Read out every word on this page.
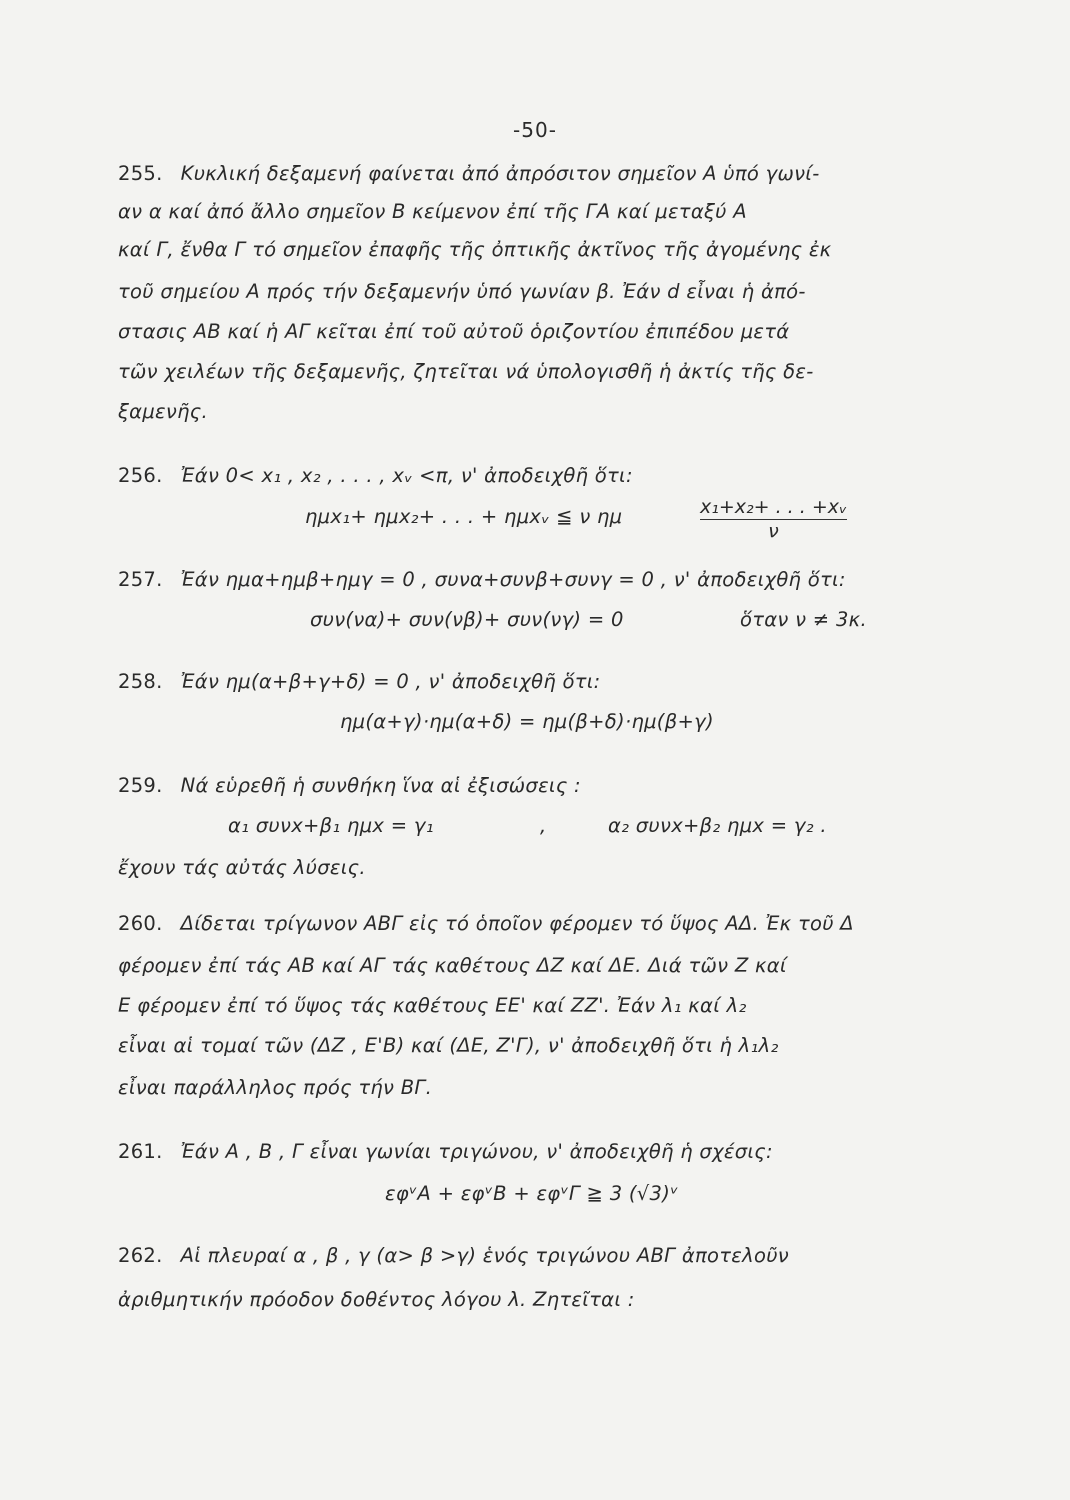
-50-
255. Κυκλική δεξαμενή φαίνεται ἀπό ἀπρόσιτον σημεῖον Α ὑπό γωνί-
αν α καί ἀπό ἄλλο σημεῖον Β κείμενον ἐπί τῆς ΓΑ καί μεταξύ Α
καί Γ, ἔνθα Γ τό σημεῖον ἐπαφῆς τῆς ὀπτικῆς ἀκτῖνος τῆς ἀγομένης ἐκ
τοῦ σημείου Α πρός τήν δεξαμενήν ὑπό γωνίαν β. Ἐάν d εἶναι ἡ ἀπό-
στασις ΑΒ καί ἡ ΑΓ κεῖται ἐπί τοῦ αὐτοῦ ὁριζοντίου ἐπιπέδου μετά
τῶν χειλέων τῆς δεξαμενῆς, ζητεῖται νά ὑπολογισθῆ ἡ ἀκτίς τῆς δε-
ξαμενῆς.
256. Ἐάν 0< x₁ , x₂ , . . . , xᵥ <π, ν' ἀποδειχθῆ ὅτι:
ημx₁+ ημx₂+ . . . + ημxᵥ ≦ ν ημ	x₁+x₂+ . . . +xᵥ
ν
257. Ἐάν ημα+ημβ+ημγ = 0 , συνα+συνβ+συνγ = 0 , ν' ἀποδειχθῆ ὅτι:
συν(να)+ συν(νβ)+ συν(νγ) = 0	ὅταν ν ≠ 3κ.
258. Ἐάν ημ(α+β+γ+δ) = 0 , ν' ἀποδειχθῆ ὅτι:
ημ(α+γ)·ημ(α+δ) = ημ(β+δ)·ημ(β+γ)
259. Νά εὑρεθῆ ἡ συνθήκη ἵνα αἱ ἐξισώσεις :
α₁ συνx+β₁ ημx = γ₁	,	α₂ συνx+β₂ ημx = γ₂ .
ἔχουν τάς αὐτάς λύσεις.
260. Δίδεται τρίγωνον ΑΒΓ εἰς τό ὁποῖον φέρομεν τό ὕψος ΑΔ. Ἐκ τοῦ Δ
φέρομεν ἐπί τάς ΑΒ καί ΑΓ τάς καθέτους ΔΖ καί ΔΕ. Διά τῶν Ζ καί
Ε φέρομεν ἐπί τό ὕψος τάς καθέτους ΕΕ' καί ΖΖ'. Ἐάν λ₁ καί λ₂
εἶναι αἱ τομαί τῶν (ΔΖ , Ε'Β) καί (ΔΕ, Ζ'Γ), ν' ἀποδειχθῆ ὅτι ἡ λ₁λ₂
εἶναι παράλληλος πρός τήν ΒΓ.
261. Ἐάν Α , Β , Γ εἶναι γωνίαι τριγώνου, ν' ἀποδειχθῆ ἡ σχέσις:
εφᵛΑ + εφᵛΒ + εφᵛΓ ≧ 3 (√3)ᵛ
262. Αἱ πλευραί α , β , γ (α> β >γ) ἑνός τριγώνου ΑΒΓ ἀποτελοῦν
ἀριθμητικήν πρόοδον δοθέντος λόγου λ. Ζητεῖται :
